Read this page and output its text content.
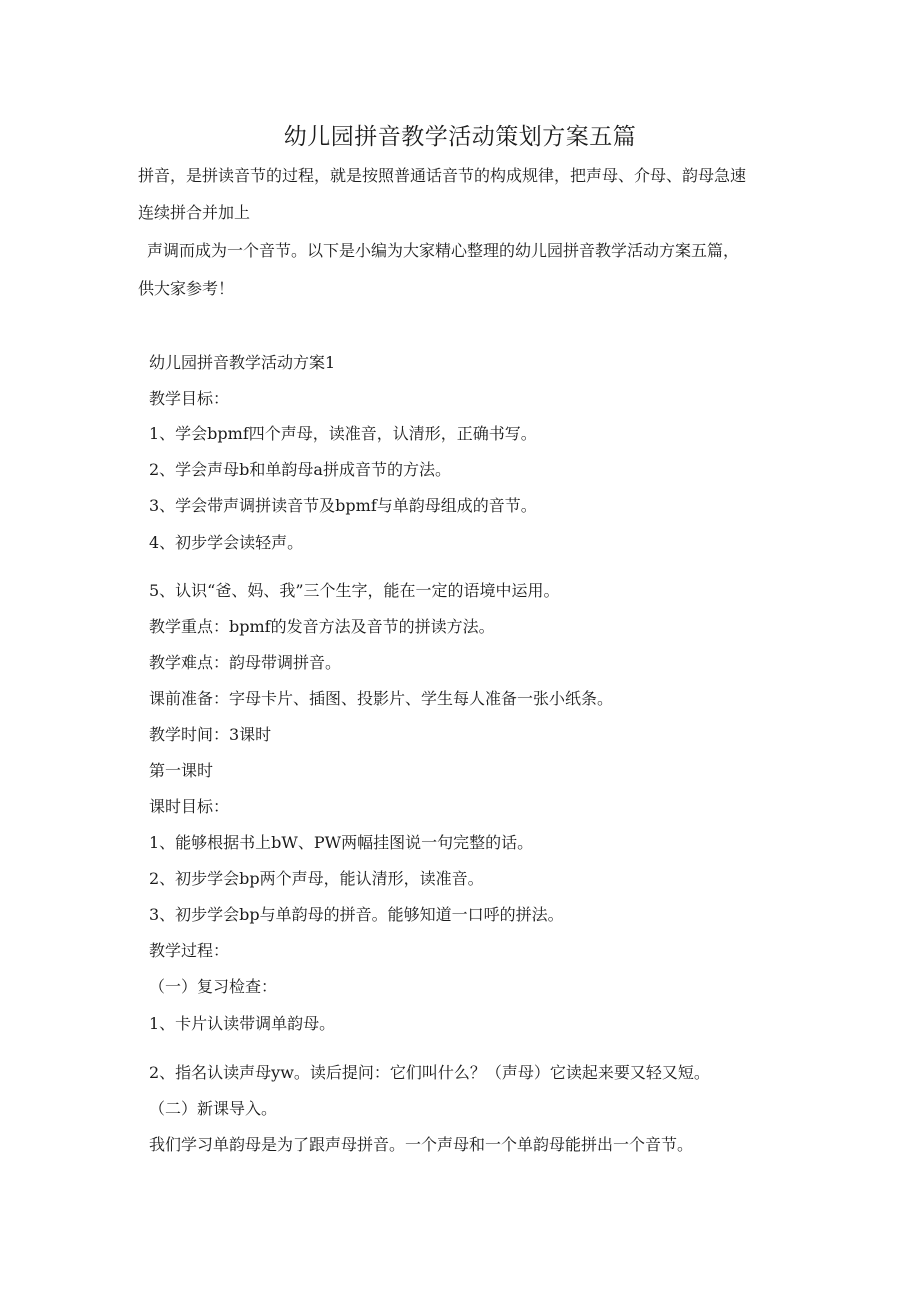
幼儿园拼音教学活动策划方案五篇
拼音，是拼读音节的过程，就是按照普通话音节的构成规律，把声母、介母、韵母急速
连续拼合并加上
声调而成为一个音节。以下是小编为大家精心整理的幼儿园拼音教学活动方案五篇，
供大家参考！
幼儿园拼音教学活动方案1
教学目标：
1、学会bpmf四个声母，读准音，认清形，正确书写。
2、学会声母b和单韵母a拼成音节的方法。
3、学会带声调拼读音节及bpmf与单韵母组成的音节。
4、初步学会读轻声。
5、认识“爸、妈、我”三个生字，能在一定的语境中运用。
教学重点：bpmf的发音方法及音节的拼读方法。
教学难点：韵母带调拼音。
课前准备：字母卡片、插图、投影片、学生每人准备一张小纸条。
教学时间：3课时
第一课时
课时目标：
1、能够根据书上bW、PW两幅挂图说一句完整的话。
2、初步学会bp两个声母，能认清形，读准音。
3、初步学会bp与单韵母的拼音。能够知道一口呼的拼法。
教学过程：
（一）复习检查：
1、卡片认读带调单韵母。
2、指名认读声母yw。读后提问：它们叫什么？（声母）它读起来要又轻又短。
（二）新课导入。
我们学习单韵母是为了跟声母拼音。一个声母和一个单韵母能拼出一个音节。
